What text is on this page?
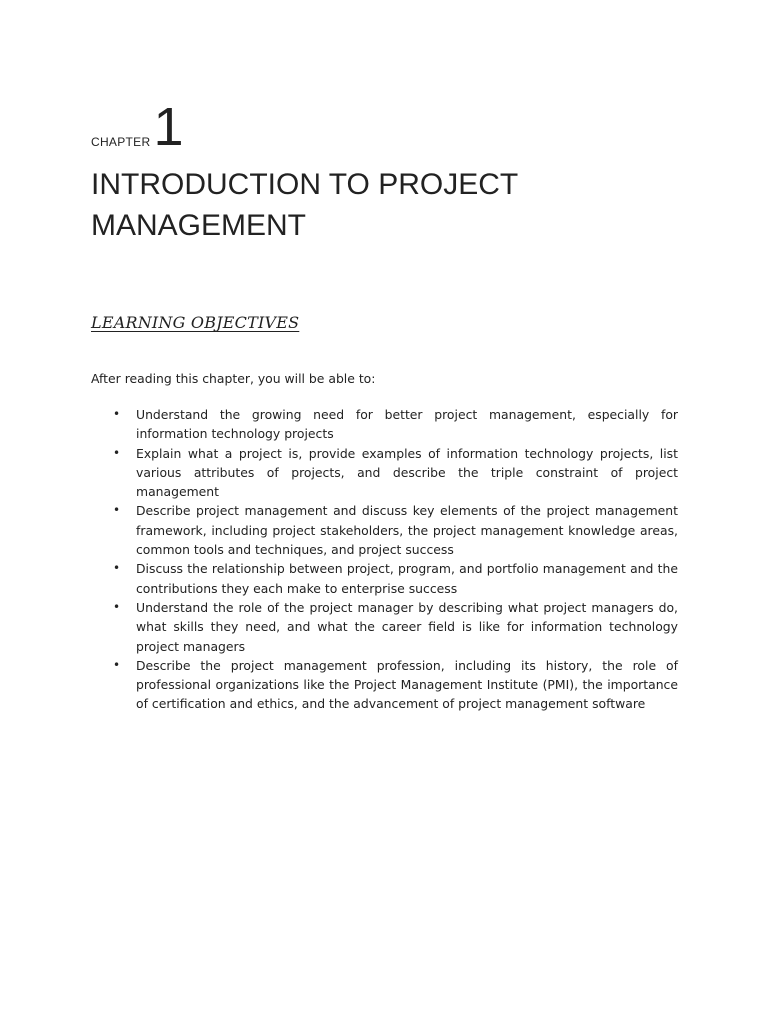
CHAPTER 1
INTRODUCTION TO PROJECT MANAGEMENT
LEARNING OBJECTIVES
After reading this chapter, you will be able to:
• Understand the growing need for better project management, especially for information technology projects
• Explain what a project is, provide examples of information technology projects, list various attributes of projects, and describe the triple constraint of project management
• Describe project management and discuss key elements of the project management framework, including project stakeholders, the project management knowledge areas, common tools and techniques, and project success
• Discuss the relationship between project, program, and portfolio management and the contributions they each make to enterprise success
• Understand the role of the project manager by describing what project managers do, what skills they need, and what the career field is like for information technology project managers
• Describe the project management profession, including its history, the role of professional organizations like the Project Management Institute (PMI), the importance of certification and ethics, and the advancement of project management software
